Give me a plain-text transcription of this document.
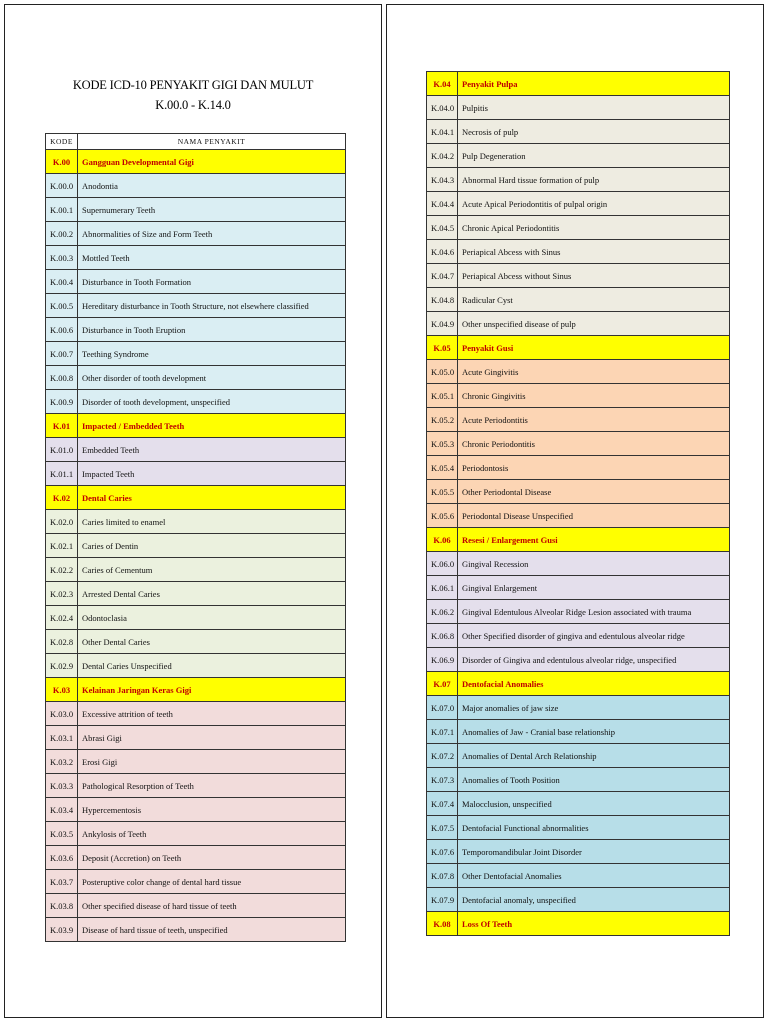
KODE ICD-10 PENYAKIT GIGI DAN MULUT
K.00.0 - K.14.0
KODE	NAMA PENYAKIT
K.00	Gangguan Developmental Gigi
K.00.0	Anodontia
K.00.1	Supernumerary Teeth
K.00.2	Abnormalities of Size and Form Teeth
K.00.3	Mottled Teeth
K.00.4	Disturbance in Tooth Formation
K.00.5	Hereditary disturbance in Tooth Structure, not elsewhere classified
K.00.6	Disturbance in Tooth Eruption
K.00.7	Teething Syndrome
K.00.8	Other disorder of tooth development
K.00.9	Disorder of tooth development, unspecified
K.01	Impacted / Embedded Teeth
K.01.0	Embedded Teeth
K.01.1	Impacted Teeth
K.02	Dental Caries
K.02.0	Caries limited to enamel
K.02.1	Caries of Dentin
K.02.2	Caries of Cementum
K.02.3	Arrested Dental Caries
K.02.4	Odontoclasia
K.02.8	Other Dental Caries
K.02.9	Dental Caries Unspecified
K.03	Kelainan Jaringan Keras Gigi
K.03.0	Excessive attrition of teeth
K.03.1	Abrasi Gigi
K.03.2	Erosi Gigi
K.03.3	Pathological Resorption of Teeth
K.03.4	Hypercementosis
K.03.5	Ankylosis of Teeth
K.03.6	Deposit (Accretion) on Teeth
K.03.7	Posteruptive color change of dental hard tissue
K.03.8	Other specified disease of hard tissue of teeth
K.03.9	Disease of hard tissue of teeth, unspecified
K.04	Penyakit Pulpa
K.04.0	Pulpitis
K.04.1	Necrosis of pulp
K.04.2	Pulp Degeneration
K.04.3	Abnormal Hard tissue formation of pulp
K.04.4	Acute Apical Periodontitis of pulpal origin
K.04.5	Chronic Apical Periodontitis
K.04.6	Periapical Abcess with Sinus
K.04.7	Periapical Abcess without Sinus
K.04.8	Radicular Cyst
K.04.9	Other unspecified disease of pulp
K.05	Penyakit Gusi
K.05.0	Acute Gingivitis
K.05.1	Chronic Gingivitis
K.05.2	Acute Periodontitis
K.05.3	Chronic Periodontitis
K.05.4	Periodontosis
K.05.5	Other Periodontal Disease
K.05.6	Periodontal Disease Unspecified
K.06	Resesi / Enlargement Gusi
K.06.0	Gingival Recession
K.06.1	Gingival Enlargement
K.06.2	Gingival Edentulous Alveolar Ridge Lesion associated with trauma
K.06.8	Other Specified disorder of gingiva and edentulous alveolar ridge
K.06.9	Disorder of Gingiva and edentulous alveolar ridge, unspecified
K.07	Dentofacial Anomalies
K.07.0	Major anomalies of jaw size
K.07.1	Anomalies of Jaw - Cranial base relationship
K.07.2	Anomalies of Dental Arch Relationship
K.07.3	Anomalies of Tooth Position
K.07.4	Malocclusion, unspecified
K.07.5	Dentofacial Functional abnormalities
K.07.6	Temporomandibular Joint Disorder
K.07.8	Other Dentofacial Anomalies
K.07.9	Dentofacial anomaly, unspecified
K.08	Loss Of Teeth
